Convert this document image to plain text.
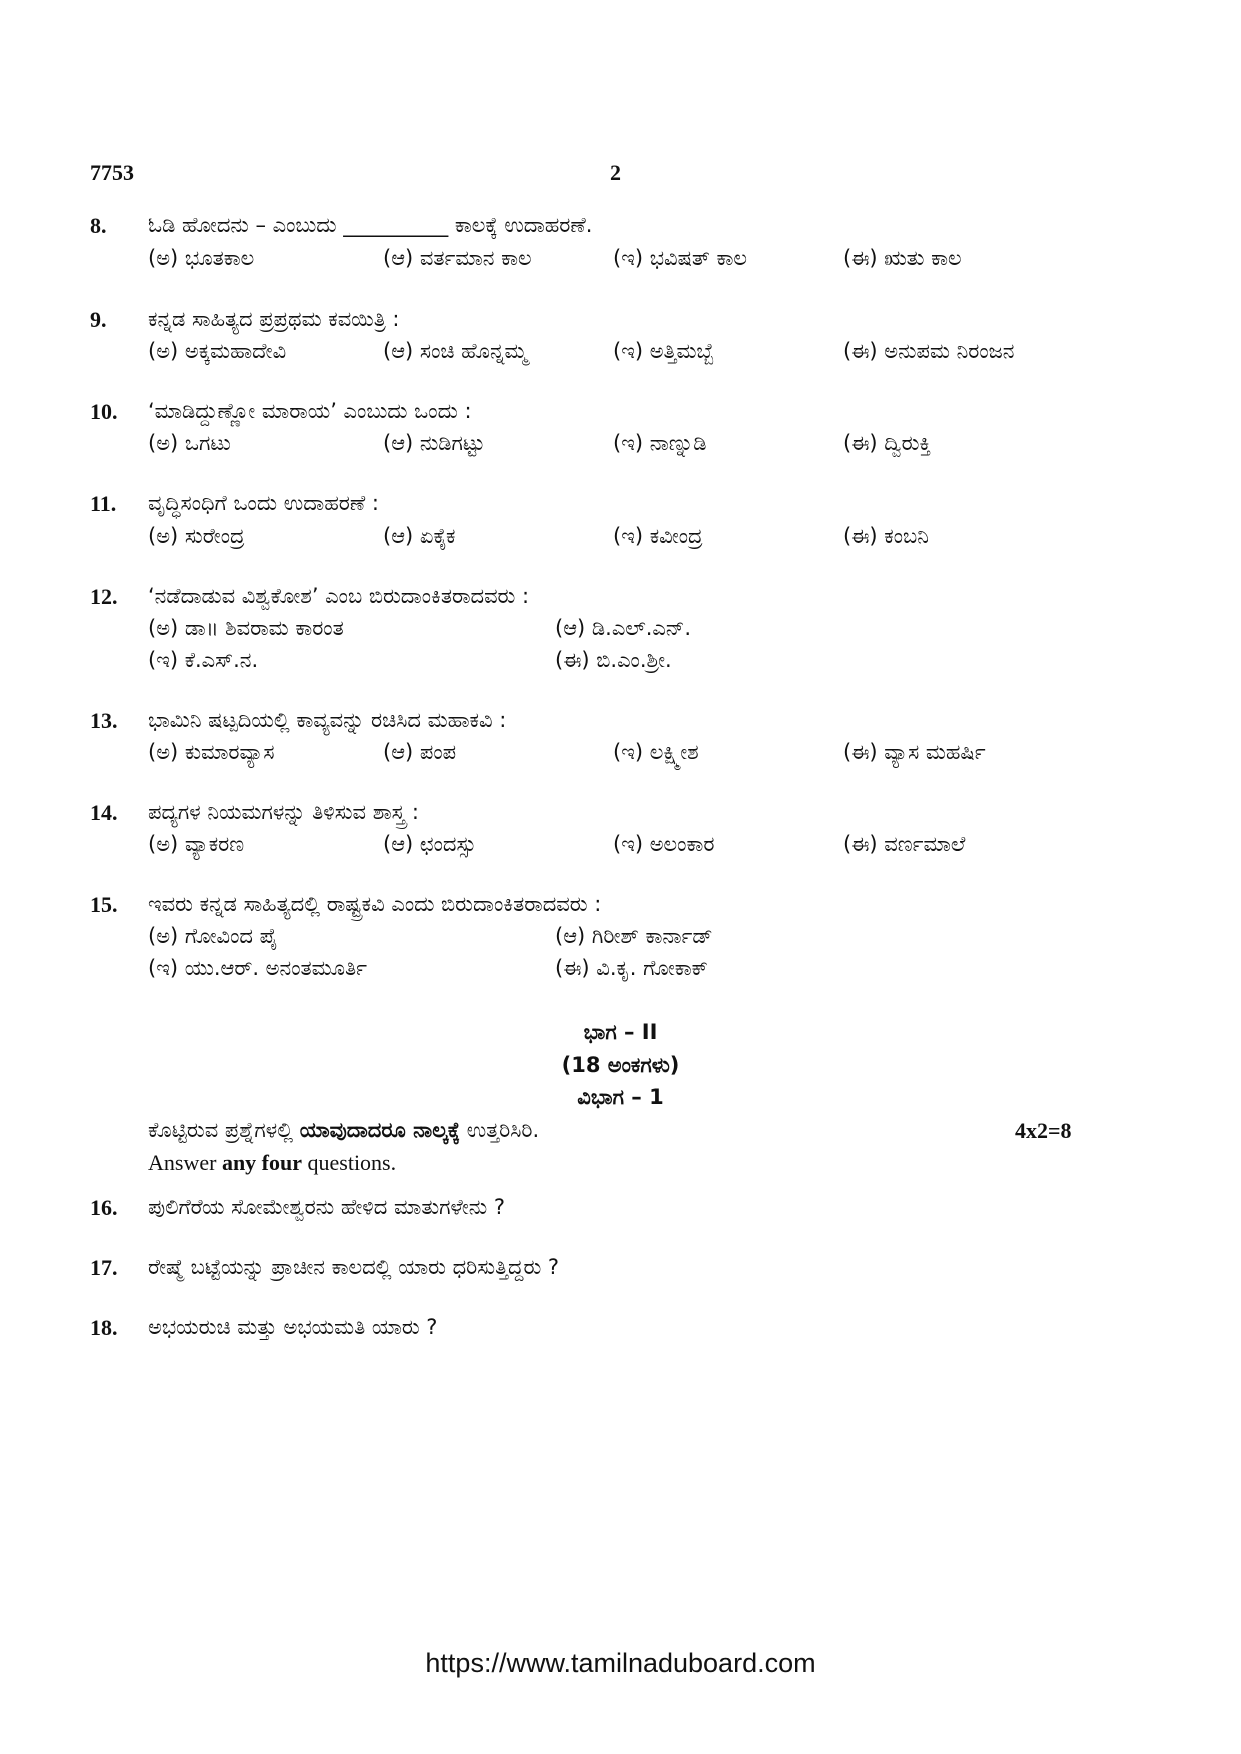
7753	2
8. ಓಡಿ ಹೋದನು – ಎಂಬುದು __________ ಕಾಲಕ್ಕೆ ಉದಾಹರಣೆ.
(ಅ) ಭೂತಕಾಲ	(ಆ) ವರ್ತಮಾನ ಕಾಲ	(ಇ) ಭವಿಷತ್ ಕಾಲ	(ಈ) ಋತು ಕಾಲ
9. ಕನ್ನಡ ಸಾಹಿತ್ಯದ ಪ್ರಪ್ರಥಮ ಕವಯಿತ್ರಿ :
(ಅ) ಅಕ್ಕಮಹಾದೇವಿ	(ಆ) ಸಂಚಿ ಹೊನ್ನಮ್ಮ	(ಇ) ಅತ್ತಿಮಬ್ಬೆ	(ಈ) ಅನುಪಮ ನಿರಂಜನ
10. ‘ಮಾಡಿದ್ದುಣ್ಣೋ ಮಾರಾಯ’ ಎಂಬುದು ಒಂದು :
(ಅ) ಒಗಟು	(ಆ) ನುಡಿಗಟ್ಟು	(ಇ) ನಾಣ್ನುಡಿ	(ಈ) ದ್ವಿರುಕ್ತಿ
11. ವೃದ್ಧಿಸಂಧಿಗೆ ಒಂದು ಉದಾಹರಣೆ :
(ಅ) ಸುರೇಂದ್ರ	(ಆ) ಏಕೈಕ	(ಇ) ಕವೀಂದ್ರ	(ಈ) ಕಂಬನಿ
12. ‘ನಡೆದಾಡುವ ವಿಶ್ವಕೋಶ’ ಎಂಬ ಬಿರುದಾಂಕಿತರಾದವರು :
(ಅ) ಡಾ॥ ಶಿವರಾಮ ಕಾರಂತ	(ಆ) ಡಿ.ಎಲ್.ಎನ್.
(ಇ) ಕೆ.ಎಸ್.ನ.	(ಈ) ಬಿ.ಎಂ.ಶ್ರೀ.
13. ಭಾಮಿನಿ ಷಟ್ಪದಿಯಲ್ಲಿ ಕಾವ್ಯವನ್ನು ರಚಿಸಿದ ಮಹಾಕವಿ :
(ಅ) ಕುಮಾರವ್ಯಾಸ	(ಆ) ಪಂಪ	(ಇ) ಲಕ್ಷ್ಮೀಶ	(ಈ) ವ್ಯಾಸ ಮಹರ್ಷಿ
14. ಪದ್ಯಗಳ ನಿಯಮಗಳನ್ನು ತಿಳಿಸುವ ಶಾಸ್ತ್ರ :
(ಅ) ವ್ಯಾಕರಣ	(ಆ) ಛಂದಸ್ಸು	(ಇ) ಅಲಂಕಾರ	(ಈ) ವರ್ಣಮಾಲೆ
15. ಇವರು ಕನ್ನಡ ಸಾಹಿತ್ಯದಲ್ಲಿ ರಾಷ್ಟ್ರಕವಿ ಎಂದು ಬಿರುದಾಂಕಿತರಾದವರು :
(ಅ) ಗೋವಿಂದ ಪೈ	(ಆ) ಗಿರೀಶ್ ಕಾರ್ನಾಡ್
(ಇ) ಯು.ಆರ್. ಅನಂತಮೂರ್ತಿ	(ಈ) ವಿ.ಕೃ. ಗೋಕಾಕ್
ಭಾಗ – II
(18 ಅಂಕಗಳು)
ವಿಭಾಗ – 1
ಕೊಟ್ಟಿರುವ ಪ್ರಶ್ನೆಗಳಲ್ಲಿ ಯಾವುದಾದರೂ ನಾಲ್ಕಕ್ಕೆ ಉತ್ತರಿಸಿರಿ.	4x2=8
Answer any four questions.
16. ಪುಲಿಗೆರೆಯ ಸೋಮೇಶ್ವರನು ಹೇಳಿದ ಮಾತುಗಳೇನು ?
17. ರೇಷ್ಮೆ ಬಟ್ಟೆಯನ್ನು ಪ್ರಾಚೀನ ಕಾಲದಲ್ಲಿ ಯಾರು ಧರಿಸುತ್ತಿದ್ದರು ?
18. ಅಭಯರುಚಿ ಮತ್ತು ಅಭಯಮತಿ ಯಾರು ?
https://www.tamilnaduboard.com
